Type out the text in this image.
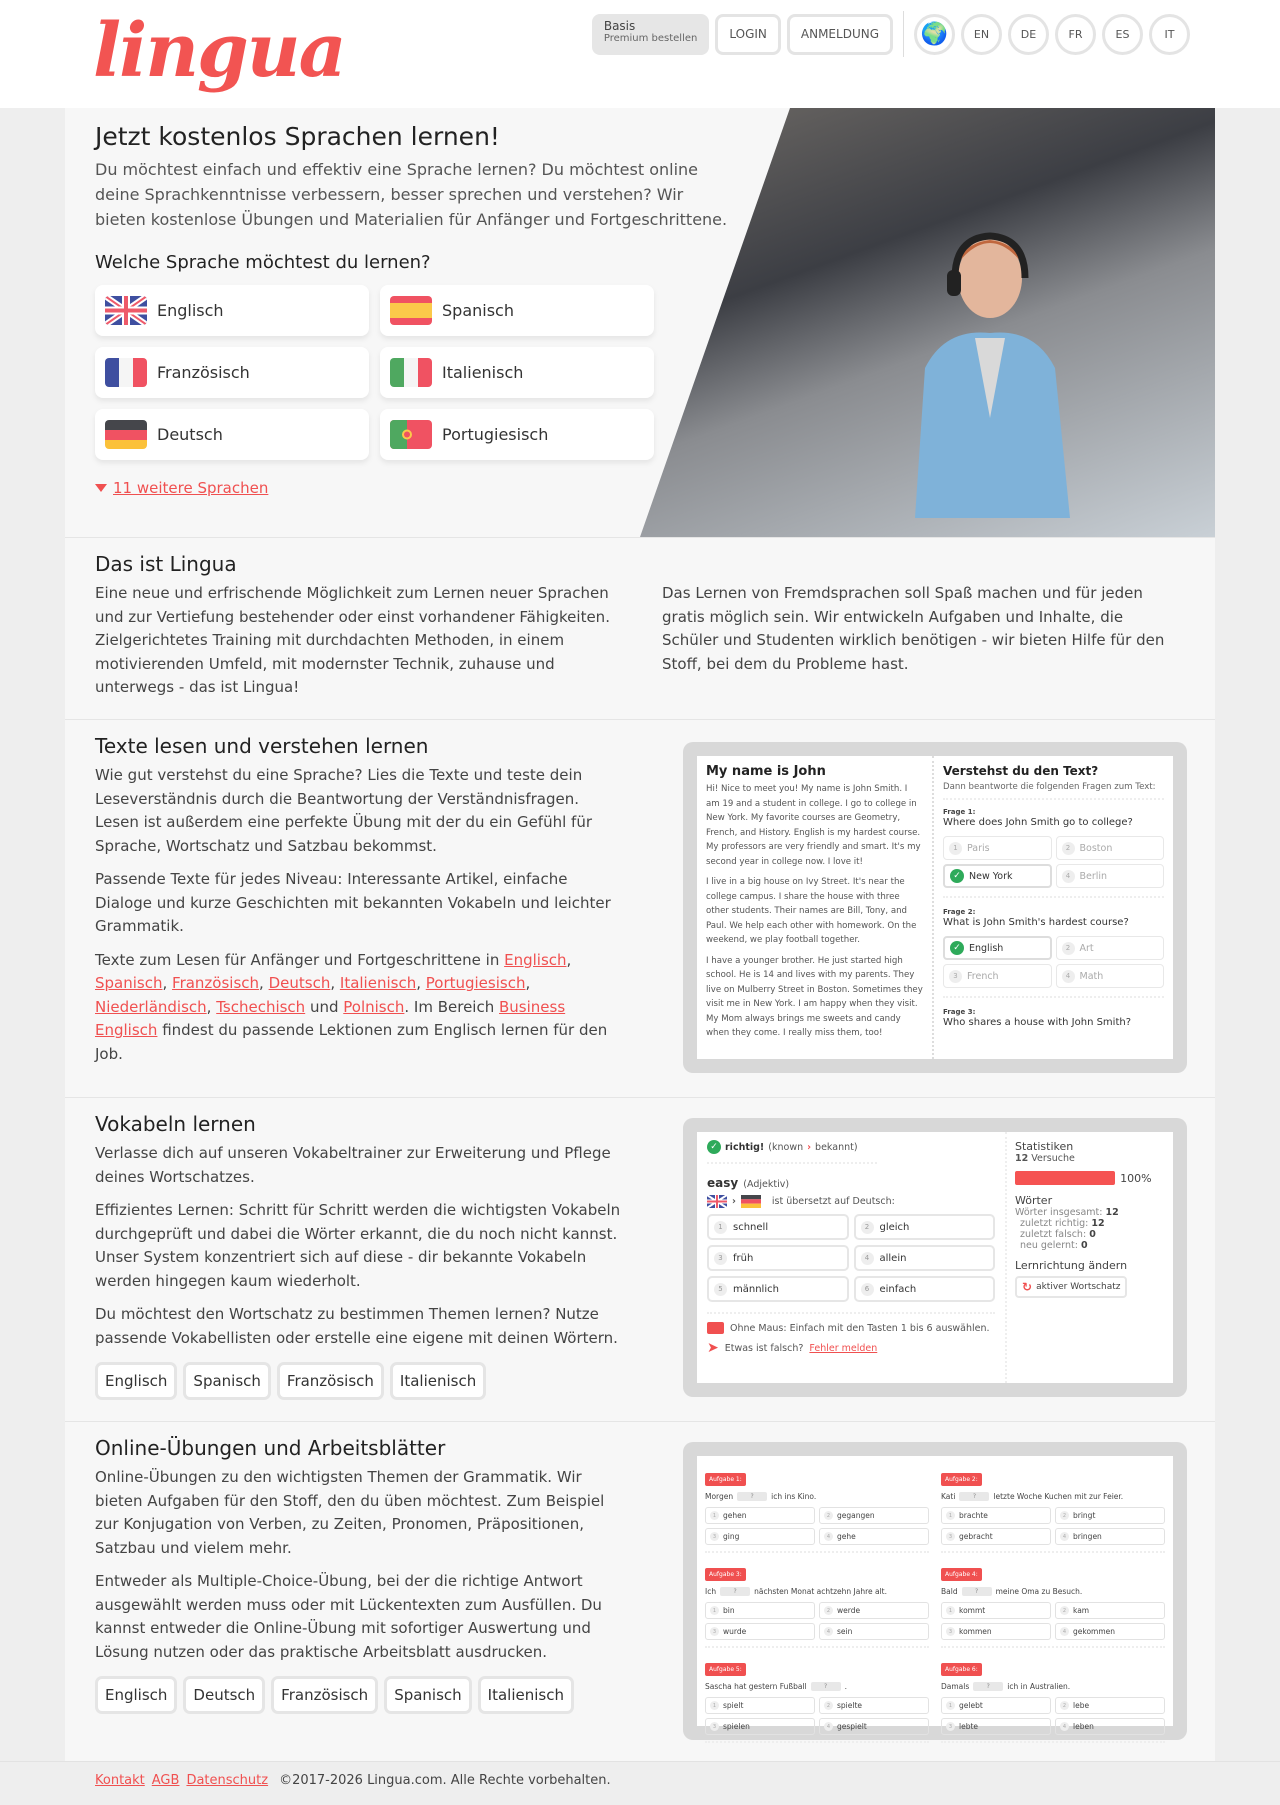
lingua	Basis
Premium bestellen	LOGIN	ANMELDUNG	🌍	EN	DE	FR	ES	IT
Jetzt kostenlos Sprachen lernen!

Du möchtest einfach und effektiv eine Sprache lernen? Du möchtest online deine Sprachkenntnisse verbessern, besser sprechen und verstehen? Wir bieten kostenlose Übungen und Materialien für Anfänger und Fortgeschrittene.

Welche Sprache möchtest du lernen?
Englisch	Spanisch
Französisch	Italienisch
Deutsch	Portugiesisch
11 weitere Sprachen
Das ist Lingua

Eine neue und erfrischende Möglichkeit zum Lernen neuer Sprachen und zur Vertiefung bestehender oder einst vorhandener Fähigkeiten. Zielgerichtetes Training mit durchdachten Methoden, in einem motivierenden Umfeld, mit modernster Technik, zuhause und unterwegs - das ist Lingua!

Das Lernen von Fremdsprachen soll Spaß machen und für jeden gratis möglich sein. Wir entwickeln Aufgaben und Inhalte, die Schüler und Studenten wirklich benötigen - wir bieten Hilfe für den Stoff, bei dem du Probleme hast.

Texte lesen und verstehen lernen

Wie gut verstehst du eine Sprache? Lies die Texte und teste dein Leseverständnis durch die Beantwortung der Verständnisfragen. Lesen ist außerdem eine perfekte Übung mit der du ein Gefühl für Sprache, Wortschatz und Satzbau bekommst.

Passende Texte für jedes Niveau: Interessante Artikel, einfache Dialoge und kurze Geschichten mit bekannten Vokabeln und leichter Grammatik.

Texte zum Lesen für Anfänger und Fortgeschrittene in Englisch, Spanisch, Französisch, Deutsch, Italienisch, Portugiesisch, Niederländisch, Tschechisch und Polnisch. Im Bereich Business Englisch findest du passende Lektionen zum Englisch lernen für den Job.

My name is John

Hi! Nice to meet you! My name is John Smith. I am 19 and a student in college. I go to college in New York. My favorite courses are Geometry, French, and History. English is my hardest course. My professors are very friendly and smart. It's my second year in college now. I love it!

I live in a big house on Ivy Street. It's near the college campus. I share the house with three other students. Their names are Bill, Tony, and Paul. We help each other with homework. On the weekend, we play football together.

I have a younger brother. He just started high school. He is 14 and lives with my parents. They live on Mulberry Street in Boston. Sometimes they visit me in New York. I am happy when they visit. My Mom always brings me sweets and candy when they come. I really miss them, too!

Verstehst du den Text?
Dann beantworte die folgenden Fragen zum Text:
Frage 1:
Where does John Smith go to college?
1 Paris	2 Boston
✓ New York	4 Berlin
Frage 2:
What is John Smith's hardest course?
✓ English	2 Art
3 French	4 Math
Frage 3:
Who shares a house with John Smith?
Vokabeln lernen

Verlasse dich auf unseren Vokabeltrainer zur Erweiterung und Pflege deines Wortschatzes.

Effizientes Lernen: Schritt für Schritt werden die wichtigsten Vokabeln durchgeprüft und dabei die Wörter erkannt, die du noch nicht kannst. Unser System konzentriert sich auf diese - dir bekannte Vokabeln werden hingegen kaum wiederholt.

Du möchtest den Wortschatz zu bestimmen Themen lernen? Nutze passende Vokabellisten oder erstelle eine eigene mit deinen Wörtern.

Englisch	Spanisch	Französisch	Italienisch
✓ richtig! (known › bekannt)
easy (Adjektiv)
›	ist übersetzt auf Deutsch:
1	schnell	2	gleich
3	früh	4	allein
5	männlich	6	einfach
Ohne Maus: Einfach mit den Tasten 1 bis 6 auswählen.
➤ Etwas ist falsch? Fehler melden
Statistiken
12 Versuche
100%
Wörter
Wörter insgesamt: 12
zuletzt richtig: 12
zuletzt falsch: 0
neu gelernt: 0
Lernrichtung ändern
↻ aktiver Wortschatz
Online-Übungen und Arbeitsblätter

Online-Übungen zu den wichtigsten Themen der Grammatik. Wir bieten Aufgaben für den Stoff, den du üben möchtest. Zum Beispiel zur Konjugation von Verben, zu Zeiten, Pronomen, Präpositionen, Satzbau und vielem mehr.

Entweder als Multiple-Choice-Übung, bei der die richtige Antwort ausgewählt werden muss oder mit Lückentexten zum Ausfüllen. Du kannst entweder die Online-Übung mit sofortiger Auswertung und Lösung nutzen oder das praktische Arbeitsblatt ausdrucken.

Englisch	Deutsch	Französisch	Spanisch	Italienisch
Aufgabe 1:
Morgen	?	ich ins Kino.
1 gehen	2 gegangen
3 ging	4 gehe
Aufgabe 2:
Kati	?	letzte Woche Kuchen mit zur Feier.
1 brachte	2 bringt
3 gebracht	4 bringen
Aufgabe 3:
Ich	?	nächsten Monat achtzehn Jahre alt.
1 bin	2 werde
3 wurde	4 sein
Aufgabe 4:
Bald	?	meine Oma zu Besuch.
1 kommt	2 kam
3 kommen	4 gekommen
Aufgabe 5:
Sascha hat gestern Fußball	?	.
1 spielt	2 spielte
3 spielen	4 gespielt
Aufgabe 6:
Damals	?	ich in Australien.
1 gelebt	2 lebe
3 lebte	4 leben
Kontakt AGB Datenschutz ©2017-2026 Lingua.com. Alle Rechte vorbehalten.
